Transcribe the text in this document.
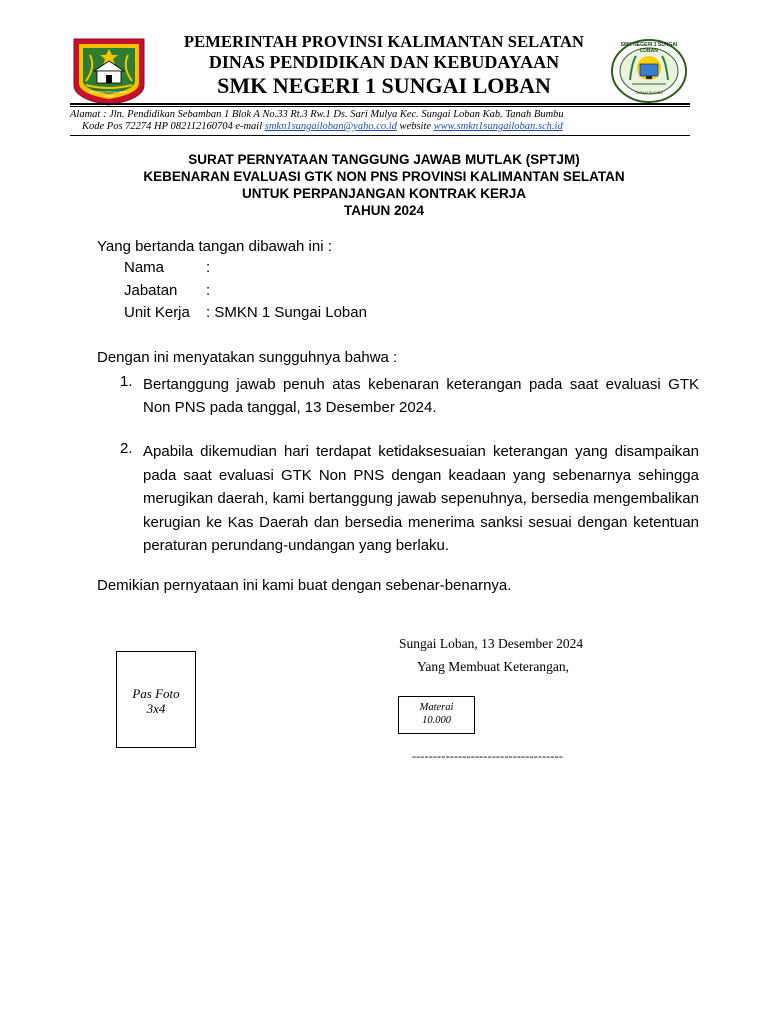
BERSUJUD SUNGAI, TOGAQ TANAH
SMK NEGERI 1 SUNGAI LOBAN
TASAH BUMBU
PEMERINTAH PROVINSI KALIMANTAN SELATAN
DINAS PENDIDIKAN DAN KEBUDAYAAN
SMK NEGERI 1 SUNGAI LOBAN
Alamat : Jln. Pendidikan Sebamban 1 Blok A No.33 Rt.3 Rw.1 Ds. Sari Mulya Kec. Sungai Loban Kab. Tanah Bumbu
Kode Pos 72274 HP 082112160704 e-mail smkn1sungailoban@yaho.co.id website www.smkn1sungailoban.sch.id
SURAT PERNYATAAN TANGGUNG JAWAB MUTLAK (SPTJM)
KEBENARAN EVALUASI GTK NON PNS PROVINSI KALIMANTAN SELATAN
UNTUK PERPANJANGAN KONTRAK KERJA
TAHUN 2024
Yang bertanda tangan dibawah ini :
Nama	:
Jabatan :
Unit Kerja : SMKN 1 Sungai Loban
Dengan ini menyatakan sungguhnya bahwa :
1. Bertanggung jawab penuh atas kebenaran keterangan pada saat evaluasi GTK Non PNS pada tanggal, 13 Desember 2024.
2. Apabila dikemudian hari terdapat ketidaksesuaian keterangan yang disampaikan pada saat evaluasi GTK Non PNS dengan keadaan yang sebenarnya sehingga merugikan daerah, kami bertanggung jawab sepenuhnya, bersedia mengembalikan kerugian ke Kas Daerah dan bersedia menerima sanksi sesuai dengan ketentuan peraturan perundang-undangan yang berlaku.
Demikian pernyataan ini kami buat dengan sebenar-benarnya.
Sungai Loban, 13 Desember 2024
Yang Membuat Keterangan,
Materai
10.000
------------------------------------
Pas Foto
3x4
